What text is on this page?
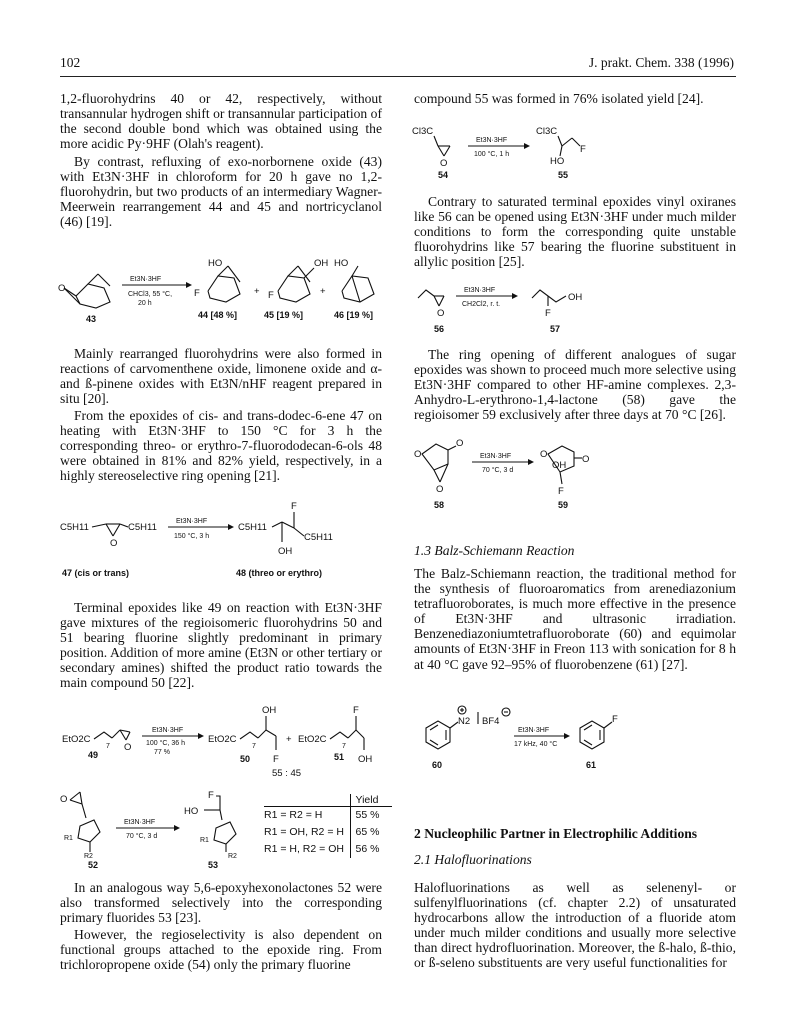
102	J. prakt. Chem. 338 (1996)

1,2-fluorohydrins 40 or 42, respectively, without transannular hydrogen shift or transannular participation of the second double bond which was obtained using the more acidic Py·9HF (Olah's reagent).

By contrast, refluxing of exo-norbornene oxide (43) with Et3N·3HF in chloroform for 20 h gave no 1,2-fluorohydrin, but two products of an intermediary Wagner-Meerwein rearrangement 44 and 45 and nortricyclanol (46) [19].

O
43
Et3N·3HF
CHCl3, 55 °C,
20 h
HO
F
44 [48 %]
+
OH
F
45 [19 %]
+
HO
46 [19 %]

Mainly rearranged fluorohydrins were also formed in reactions of carvomenthene oxide, limonene oxide and α- and ß-pinene oxides with Et3N/nHF reagent prepared in situ [20].

From the epoxides of cis- and trans-dodec-6-ene 47 on heating with Et3N·3HF to 150 °C for 3 h the corresponding threo- or erythro-7-fluorododecan-6-ols 48 were obtained in 81% and 82% yield, respectively, in a highly stereoselective ring opening [21].

C5H11
O
C5H11
Et3N·3HF
150 °C, 3 h
C5H11
OH
F
C5H11
47 (cis or trans)	48 (threo or erythro)

Terminal epoxides like 49 on reaction with Et3N·3HF gave mixtures of the regioisomeric fluorohydrins 50 and 51 bearing fluorine slightly predominant in primary position. Addition of more amine (Et3N or other tertiary or secondary amines) shifted the product ratio towards the main compound 50 [22].

EtO2C
7 O
49
Et3N·3HF
100 °C, 36 h
77 %
EtO2C
7
OH
F
50
+ EtO2C
7
F
OH
51
55 : 45
O
R1
R2
52
Et3N·3HF
70 °C, 3 d
F
HO
R1
R2
53
Yield
R1 = R2 = H	55 %
R1 = OH, R2 = H	65 %
R1 = H, R2 = OH	56 %

In an analogous way 5,6-epoxyhexonolactones 52 were also transformed selectively into the corresponding primary fluorides 53 [23].

However, the regioselectivity is also dependent on functional groups attached to the epoxide ring. From trichloropropene oxide (54) only the primary fluorine

compound 55 was formed in 76% isolated yield [24].

Cl3C
O
54
Et3N·3HF
100 °C, 1 h
Cl3C
F
HO
55

Contrary to saturated terminal epoxides vinyl oxiranes like 56 can be opened using Et3N·3HF under much milder conditions to form the corresponding quite unstable fluorohydrins like 57 bearing the fluorine substituent in allylic position [25].

O
56
Et3N·3HF
CH2Cl2, r. t.
OH
F
57

The ring opening of different analogues of sugar epoxides was shown to proceed much more selective using Et3N·3HF compared to other HF-amine complexes. 2,3-Anhydro-L-erythrono-1,4-lactone (58) gave the regioisomer 59 exclusively after three days at 70 °C [26].

O
O
O
58
Et3N·3HF
70 °C, 3 d
O	O
OH
F
59
1.3 Balz-Schiemann Reaction

The Balz-Schiemann reaction, the traditional method for the synthesis of fluoroaromatics from arenediazonium tetrafluoroborates, is much more effective in the presence of Et3N·3HF and ultrasonic irradiation. Benzenediazoniumtetrafluoroborate (60) and equimolar amounts of Et3N·3HF in Freon 113 with sonication for 8 h at 40 °C gave 92–95% of fluorobenzene (61) [27].

N2 BF4
60
Et3N·3HF
17 kHz, 40 °C
F
61
2 Nucleophilic Partner in Electrophilic Additions
2.1 Halofluorinations

Halofluorinations as well as selenenyl- or sulfenylfluorinations (cf. chapter 2.2) of unsaturated hydrocarbons allow the introduction of a fluoride atom under much milder conditions and usually more selective than direct hydrofluorination. Moreover, the ß-halo, ß-thio, or ß-seleno substituents are very useful functionalities for
